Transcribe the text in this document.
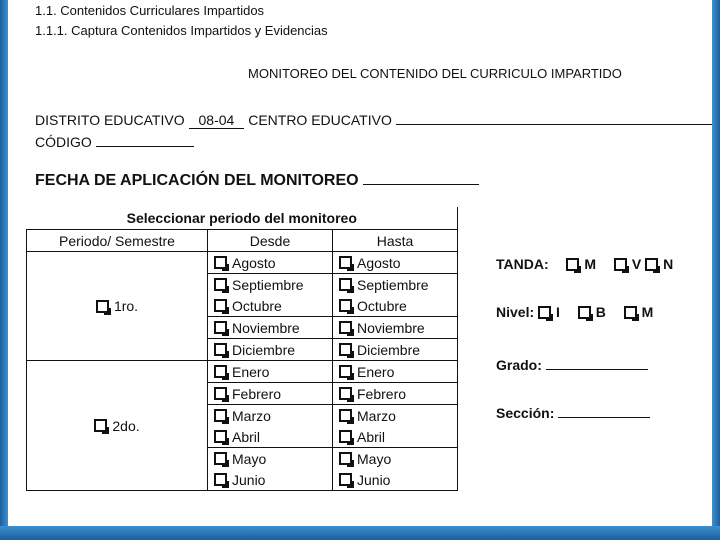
1.1. Contenidos Curriculares Impartidos
1.1.1. Captura Contenidos Impartidos y Evidencias
MONITOREO DEL CONTENIDO DEL CURRICULO IMPARTIDO
DISTRITO EDUCATIVO 08-04 CENTRO EDUCATIVO
CÓDIGO
FECHA DE APLICACIÓN DEL MONITOREO
Seleccionar periodo del monitoreo		
Periodo/ Semestre	Desde	Hasta
1ro.	Agosto	Agosto
	Septiembre	Septiembre
	Octubre	Octubre
	Noviembre	Noviembre
	Diciembre	Diciembre
2do.	Enero	Enero
	Febrero	Febrero
	Marzo	Marzo
	Abril	Abril
	Mayo	Mayo
	Junio	Junio
TANDA:	M	V N
Nivel: I	B	M
Grado:
Sección:
